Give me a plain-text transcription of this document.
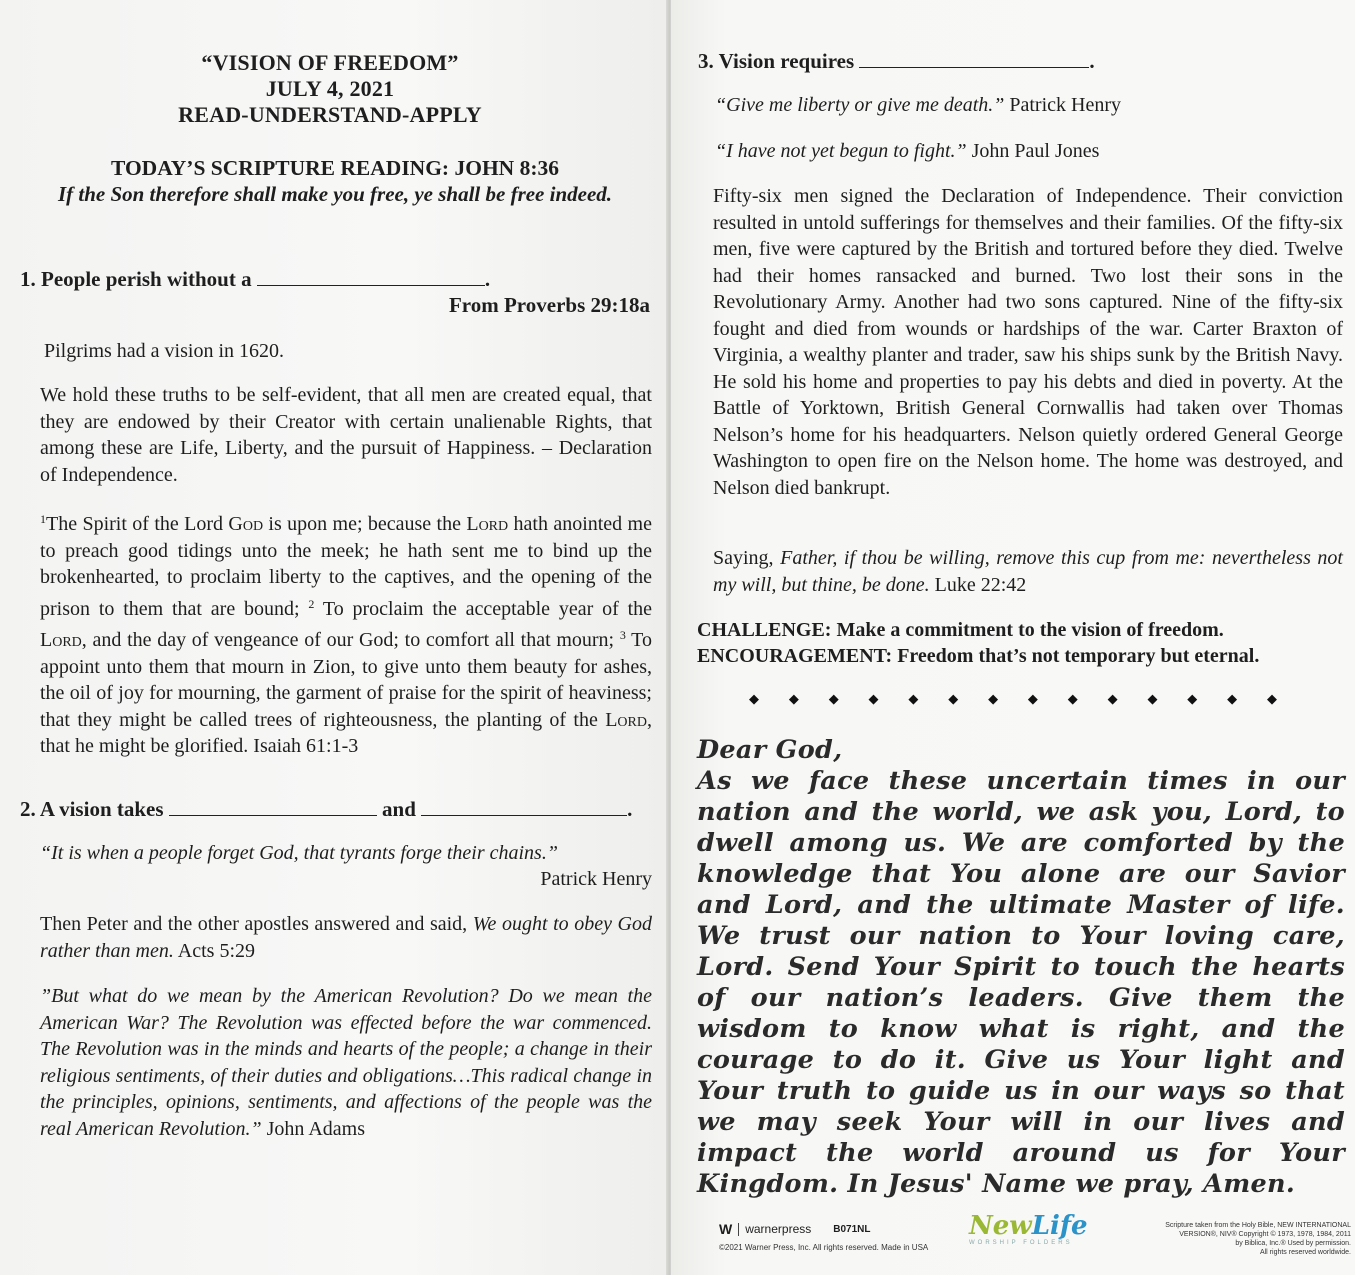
“VISION OF FREEDOM”
JULY 4, 2021
READ-UNDERSTAND-APPLY
TODAY’S SCRIPTURE READING: JOHN 8:36
If the Son therefore shall make you free, ye shall be free indeed.
1. People perish without a	.
From Proverbs 29:18a
Pilgrims had a vision in 1620.
We hold these truths to be self-evident, that all men are created equal, that they are endowed by their Creator with certain unalienable Rights, that among these are Life, Liberty, and the pursuit of Happiness. – Declaration of Independence.
$^1$The Spirit of the Lord God is upon me; because the Lord hath anointed me to preach good tidings unto the meek; he hath sent me to bind up the brokenhearted, to proclaim liberty to the captives, and the opening of the prison to them that are bound; $^2$ To proclaim the acceptable year of the Lord, and the day of vengeance of our God; to comfort all that mourn; $^3$ To appoint unto them that mourn in Zion, to give unto them beauty for ashes, the oil of joy for mourning, the garment of praise for the spirit of heaviness; that they might be called trees of righteousness, the planting of the Lord, that he might be glorified. Isaiah 61:1-3
2. A vision takes	and	.
“It is when a people forget God, that tyrants forge their chains.”
Patrick Henry
Then Peter and the other apostles answered and said, We ought to obey God rather than men. Acts 5:29
”But what do we mean by the American Revolution? Do we mean the American War? The Revolution was effected before the war commenced. The Revolution was in the minds and hearts of the people; a change in their religious sentiments, of their duties and obligations…This radical change in the principles, opinions, sentiments, and affections of the people was the real American Revolution.” John Adams
3. Vision requires	.
“Give me liberty or give me death.” Patrick Henry
“I have not yet begun to fight.” John Paul Jones
Fifty-six men signed the Declaration of Independence. Their conviction resulted in untold sufferings for themselves and their families. Of the fifty-six men, five were captured by the British and tortured before they died. Twelve had their homes ransacked and burned. Two lost their sons in the Revolutionary Army. Another had two sons captured. Nine of the fifty-six fought and died from wounds or hardships of the war. Carter Braxton of Virginia, a wealthy planter and trader, saw his ships sunk by the British Navy. He sold his home and properties to pay his debts and died in poverty. At the Battle of Yorktown, British General Cornwallis had taken over Thomas Nelson’s home for his headquarters. Nelson quietly ordered General George Washington to open fire on the Nelson home. The home was destroyed, and Nelson died bankrupt.
Saying, Father, if thou be willing, remove this cup from me: nevertheless not my will, but thine, be done. Luke 22:42
CHALLENGE: Make a commitment to the vision of freedom.
ENCOURAGEMENT: Freedom that’s not temporary but eternal.
◆ ◆ ◆ ◆ ◆ ◆ ◆ ◆ ◆ ◆ ◆ ◆ ◆ ◆
Dear God,
As we face these uncertain times in our nation and the world, we ask you, Lord, to dwell among us. We are comforted by the knowledge that You alone are our Savior and Lord, and the ultimate Master of life. We trust our nation to Your loving care, Lord. Send Your Spirit to touch the hearts of our nation’s leaders. Give them the wisdom to know what is right, and the courage to do it. Give us Your light and Your truth to guide us in our ways so that we may seek Your will in our lives and impact the world around us for Your Kingdom. In Jesus' Name we pray, Amen.
W warnerpress B071NL
©2021 Warner Press, Inc. All rights reserved. Made in USA
NewLife
WORSHIP FOLDERS
Scripture taken from the Holy Bible, NEW INTERNATIONAL
VERSION®, NIV® Copyright © 1973, 1978, 1984, 2011
by Biblica, Inc.® Used by permission.
All rights reserved worldwide.
